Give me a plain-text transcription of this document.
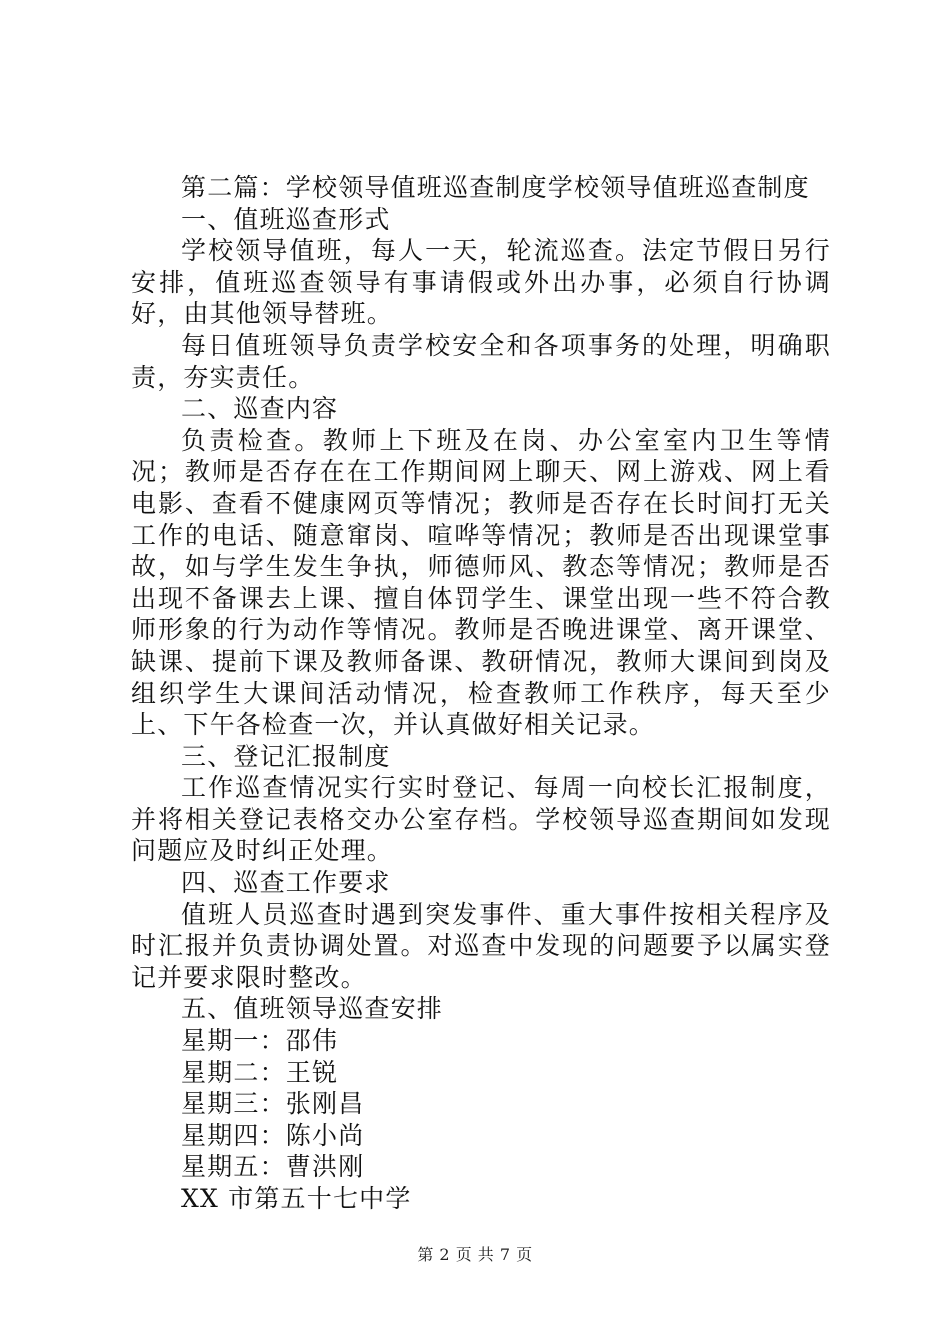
第二篇：学校领导值班巡查制度学校领导值班巡查制度

一、值班巡查形式

学校领导值班，每人一天，轮流巡查。法定节假日另行安排，值班巡查领导有事请假或外出办事，必须自行协调好，由其他领导替班。

每日值班领导负责学校安全和各项事务的处理，明确职责，夯实责任。

二、巡查内容

负责检查。教师上下班及在岗、办公室室内卫生等情况；教师是否存在在工作期间网上聊天、网上游戏、网上看电影、查看不健康网页等情况；教师是否存在长时间打无关工作的电话、随意窜岗、喧哗等情况；教师是否出现课堂事故，如与学生发生争执，师德师风、教态等情况；教师是否出现不备课去上课、擅自体罚学生、课堂出现一些不符合教师形象的行为动作等情况。教师是否晚进课堂、离开课堂、缺课、提前下课及教师备课、教研情况，教师大课间到岗及组织学生大课间活动情况，检查教师工作秩序，每天至少上、下午各检查一次，并认真做好相关记录。

三、登记汇报制度

工作巡查情况实行实时登记、每周一向校长汇报制度，并将相关登记表格交办公室存档。学校领导巡查期间如发现问题应及时纠正处理。

四、巡查工作要求

值班人员巡查时遇到突发事件、重大事件按相关程序及时汇报并负责协调处置。对巡查中发现的问题要予以属实登记并要求限时整改。

五、值班领导巡查安排

星期一：邵伟

星期二：王锐

星期三：张刚昌

星期四：陈小尚

星期五：曹洪刚

XX 市第五十七中学

第 2 页 共 7 页
